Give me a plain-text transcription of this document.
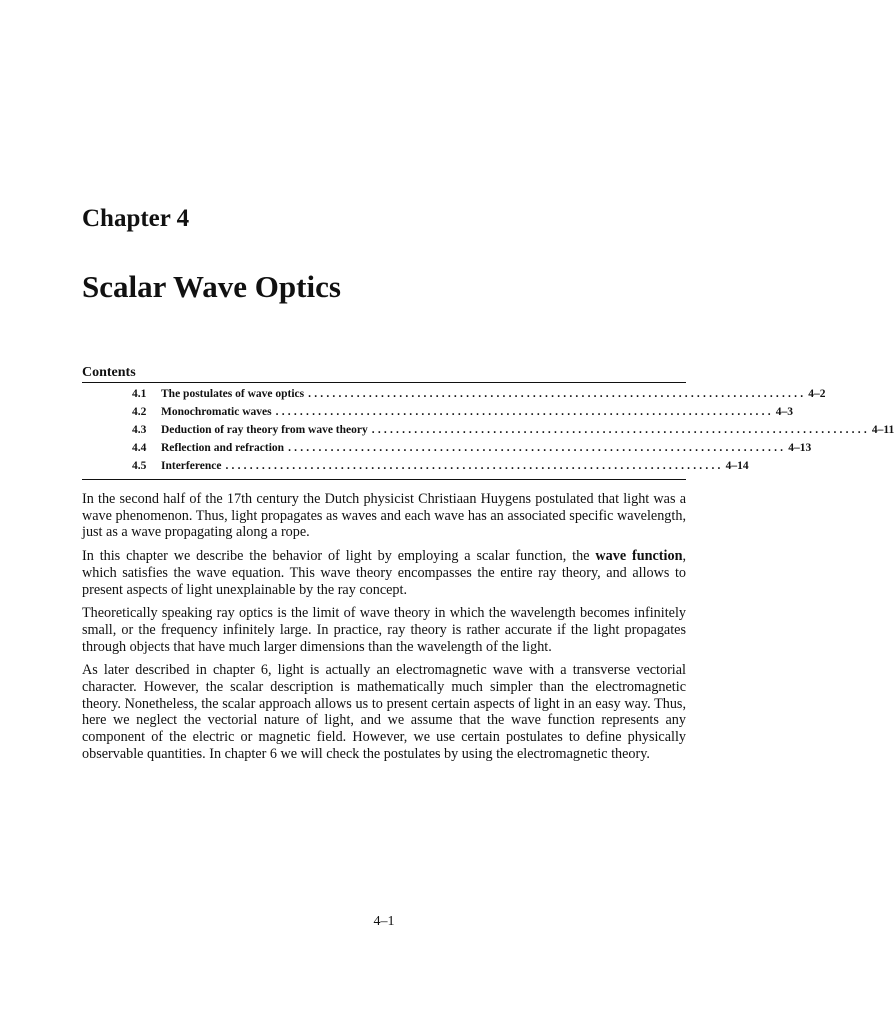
Chapter 4
Scalar Wave Optics
Contents
4.1	The postulates of wave optics .................................................................................. 4–2
4.2	Monochromatic waves .................................................................................. 4–3
4.3	Deduction of ray theory from wave theory .................................................................................. 4–11
4.4	Reflection and refraction .................................................................................. 4–13
4.5	Interference .................................................................................. 4–14

In the second half of the 17th century the Dutch physicist Christiaan Huygens postulated that light was a wave phenomenon. Thus, light propagates as waves and each wave has an associated specific wavelength, just as a wave propagating along a rope.

In this chapter we describe the behavior of light by employing a scalar function, the wave function, which satisfies the wave equation. This wave theory encompasses the entire ray theory, and allows to present aspects of light unexplainable by the ray concept.

Theoretically speaking ray optics is the limit of wave theory in which the wavelength becomes infinitely small, or the frequency infinitely large. In practice, ray theory is rather accurate if the light propagates through objects that have much larger dimensions than the wavelength of the light.

As later described in chapter 6, light is actually an electromagnetic wave with a transverse vectorial character. However, the scalar description is mathematically much simpler than the electromagnetic theory. Nonetheless, the scalar approach allows us to present certain aspects of light in an easy way. Thus, here we neglect the vectorial nature of light, and we assume that the wave function represents any component of the electric or magnetic field. However, we use certain postulates to define physically observable quantities. In chapter 6 we will check the postulates by using the electromagnetic theory.

4–1
